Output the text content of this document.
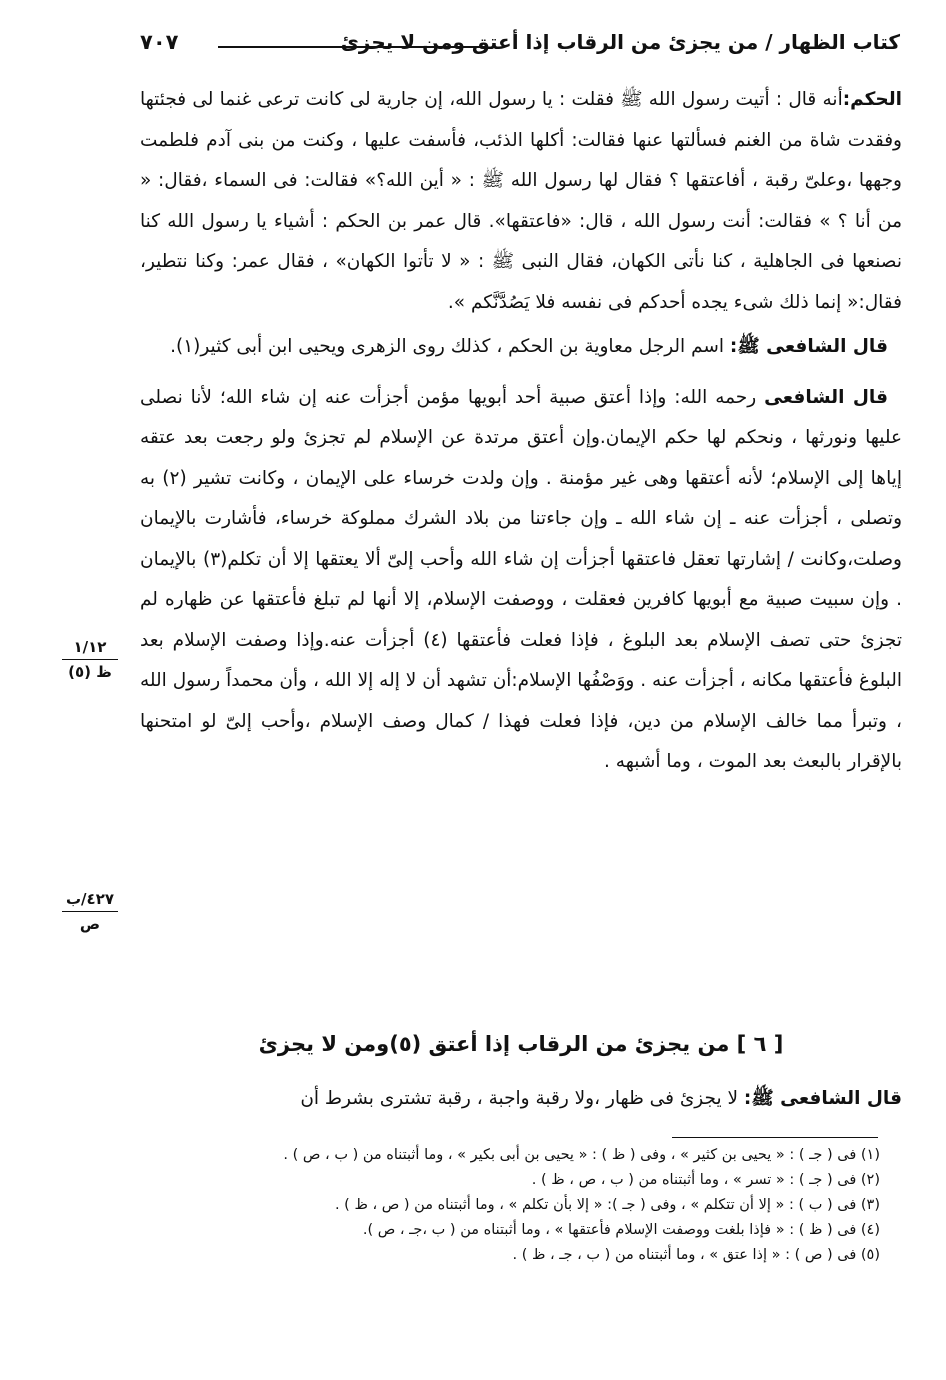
كتاب الظهار / من يجزئ من الرقاب إذا أعتق ومن لا يجزئ
٧٠٧

الحكم:أنه قال : أتيت رسول الله ﷺ فقلت : يا رسول الله، إن جارية لى كانت ترعى غنما لى فجئتها وفقدت شاة من الغنم فسألتها عنها فقالت: أكلها الذئب، فأسفت عليها ، وكنت من بنى آدم فلطمت وجهها ،وعلىّ رقبة ، أفاعتقها ؟ فقال لها رسول الله ﷺ : « أين الله؟» فقالت: فى السماء ،فقال: « من أنا ؟ » فقالت: أنت رسول الله ، قال: «فاعتقها». قال عمر بن الحكم : أشياء يا رسول الله كنا نصنعها فى الجاهلية ، كنا نأتى الكهان، فقال النبى ﷺ : « لا تأتوا الكهان» ، فقال عمر: وكنا نتطير، فقال:« إنما ذلك شىء يجده أحدكم فى نفسه فلا يَصُدَّنَّكم ».

قال الشافعى ﷺ: اسم الرجل معاوية بن الحكم ، كذلك روى الزهرى ويحيى ابن أبى كثير(١).

قال الشافعى رحمه الله: وإذا أعتق صبية أحد أبويها مؤمن أجزأت عنه إن شاء الله؛ لأنا نصلى عليها ونورثها ، ونحكم لها حكم الإيمان.وإن أعتق مرتدة عن الإسلام لم تجزئ ولو رجعت بعد عتقه إياها إلى الإسلام؛ لأنه أعتقها وهى غير مؤمنة . وإن ولدت خرساء على الإيمان ، وكانت تشير (٢) به وتصلى ، أجزأت عنه ـ إن شاء الله ـ وإن جاءتنا من بلاد الشرك مملوكة خرساء، فأشارت بالإيمان وصلت،وكانت / إشارتها تعقل فاعتقها أجزأت إن شاء الله وأحب إلىّ ألا يعتقها إلا أن تكلم(٣) بالإيمان . وإن سبيت صبية مع أبويها كافرين فعقلت ، ووصفت الإسلام، إلا أنها لم تبلغ فأعتقها عن ظهاره لم تجزئ حتى تصف الإسلام بعد البلوغ ، فإذا فعلت فأعتقها (٤) أجزأت عنه.وإذا وصفت الإسلام بعد البلوغ فأعتقها مكانه ، أجزأت عنه . ووَصْفُها الإسلام:أن تشهد أن لا إله إلا الله ، وأن محمداً رسول الله ، وتبرأ مما خالف الإسلام من دين، فإذا فعلت فهذا / كمال وصف الإسلام ،وأحب إلىّ لو امتحنها بالإقرار بالبعث بعد الموت ، وما أشبهه .

١/١٢
ظ (٥)
٤٢٧/ب
ص
[ ٦ ] من يجزئ من الرقاب إذا أعتق (٥)ومن لا يجزئ
قال الشافعى ﷺ: لا يجزئ فى ظهار ،ولا رقبة واجبة ، رقبة تشترى بشرط أن
(١) فى ( جـ ) : « يحيى بن كثير » ، وفى ( ظ ) : « يحيى بن أبى بكير » ، وما أثبتناه من ( ب ، ص ) .
(٢) فى ( جـ ) : « تسر » ، وما أثبتناه من ( ب ، ص ، ظ ) .
(٣) فى ( ب ) : « إلا أن تتكلم » ، وفى ( جـ ): « إلا بأن تكلم » ، وما أثبتناه من ( ص ، ظ ) .
(٤) فى ( ظ ) : « فإذا بلغت ووصفت الإسلام فأعتقها » ، وما أثبتناه من ( ب ،جـ ، ص ).
(٥) فى ( ص ) : « إذا عتق » ، وما أثبتناه من ( ب ، جـ ، ظ ) .
